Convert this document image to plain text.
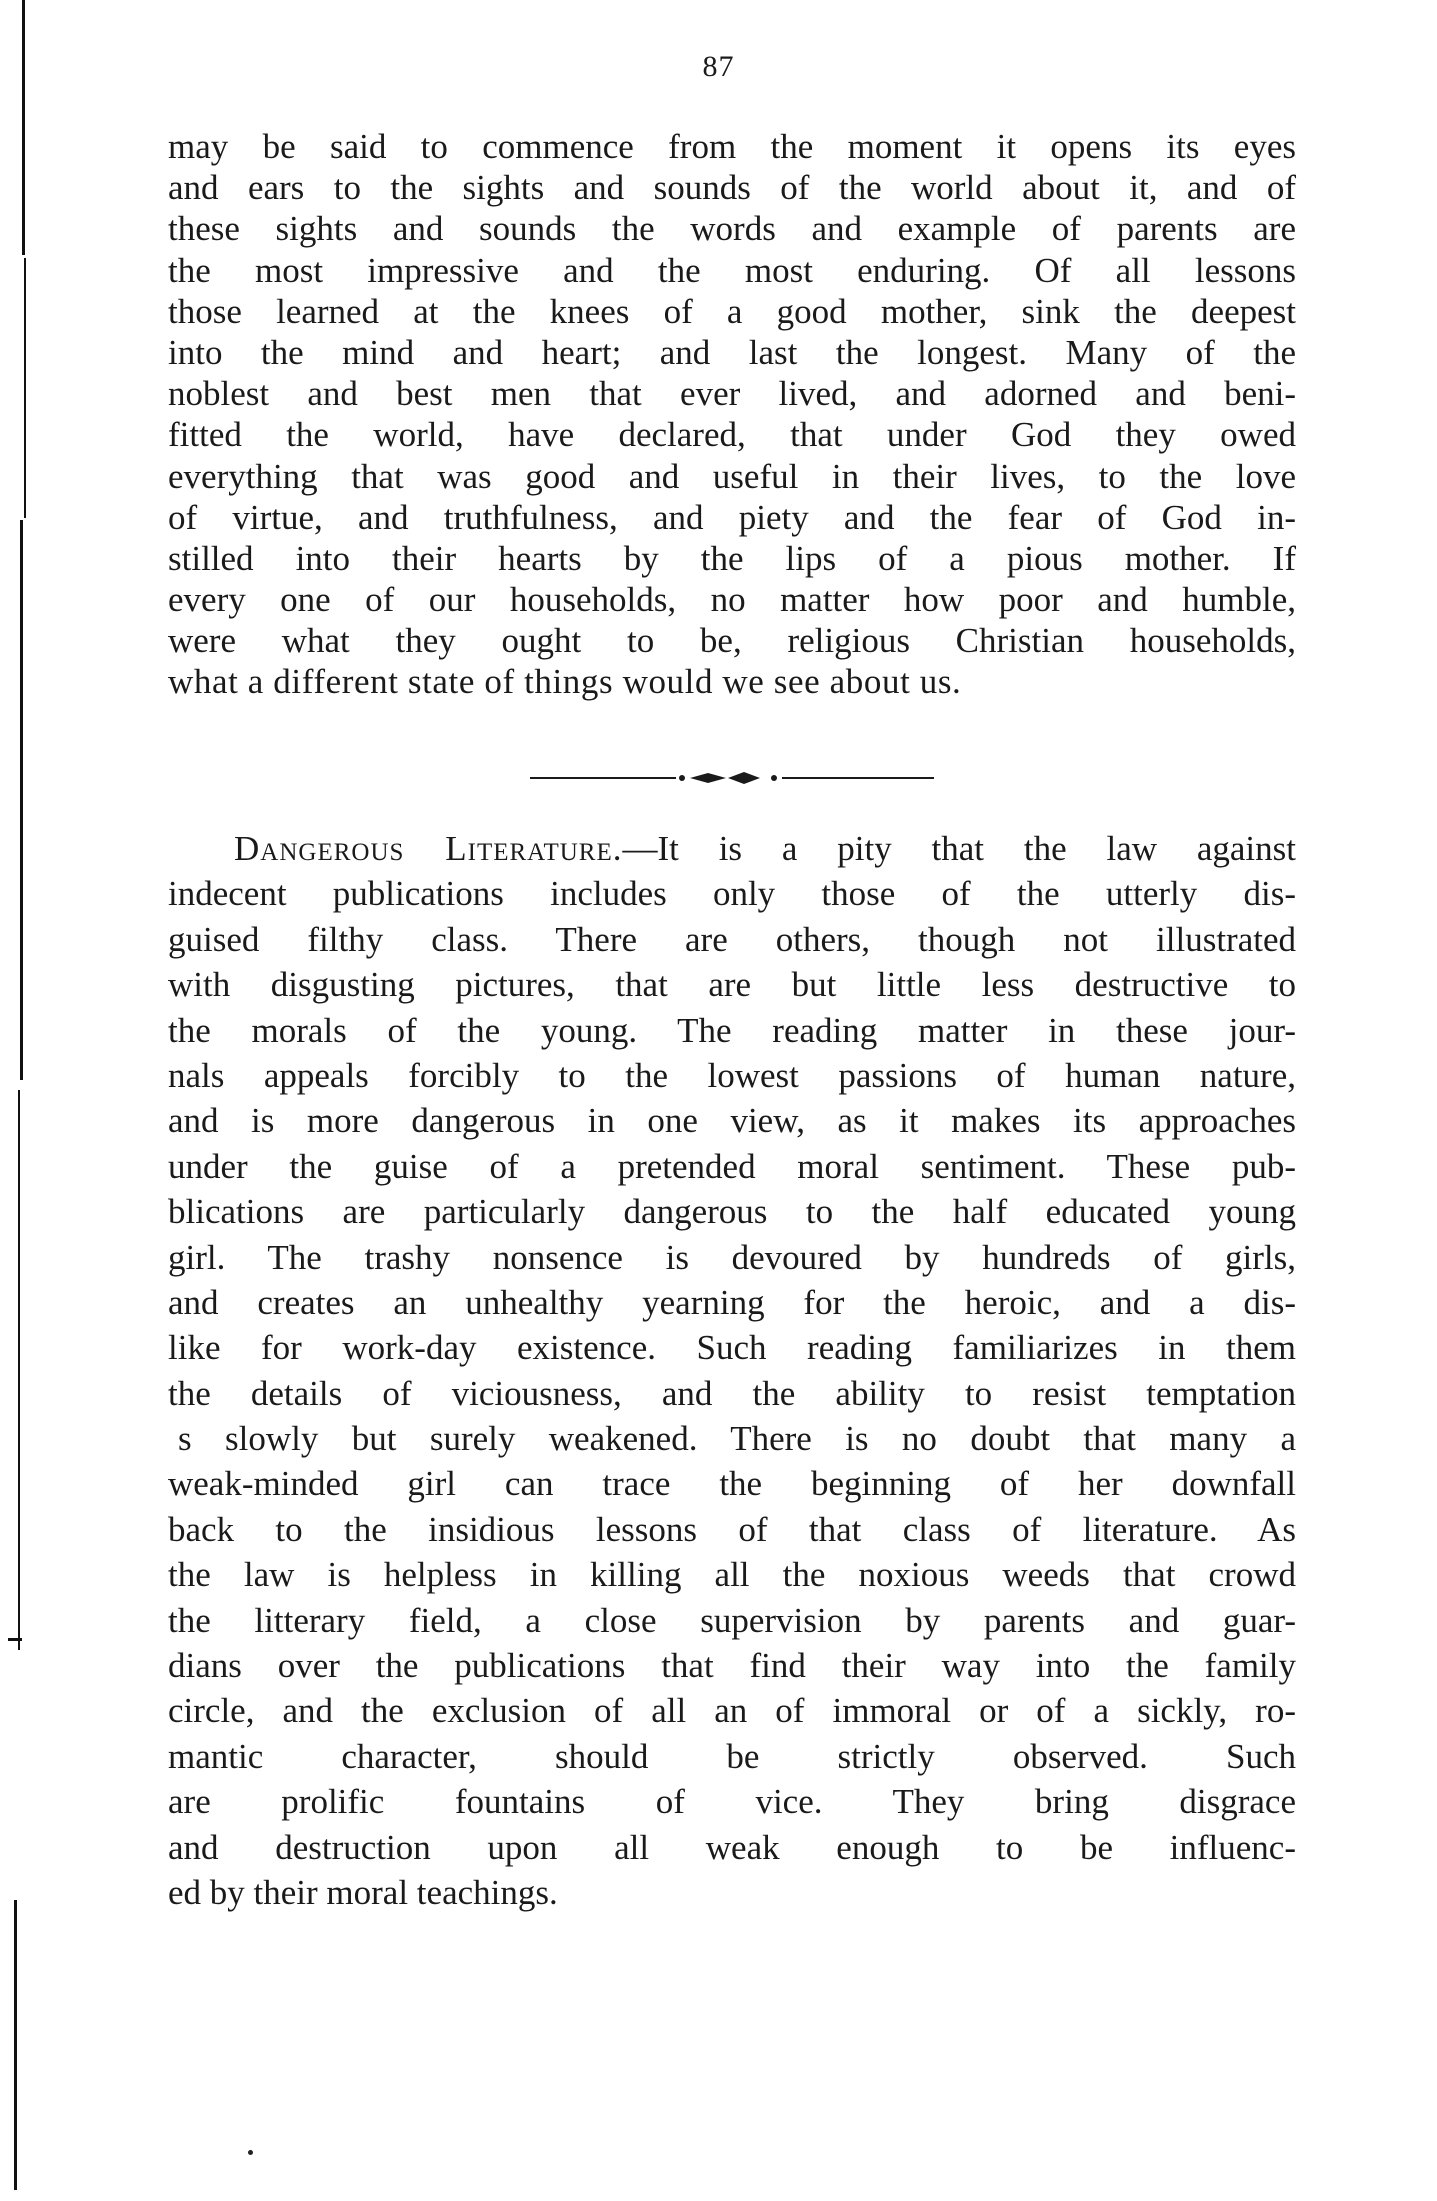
87
may be said to commence from the moment it opens its eyes
and ears to the sights and sounds of the world about it, and of
these sights and sounds the words and example of parents are
the most impressive and the most enduring. Of all lessons
those learned at the knees of a good mother, sink the deepest
into the mind and heart; and last the longest. Many of the
noblest and best men that ever lived, and adorned and beni-
fitted the world, have declared, that under God they owed
everything that was good and useful in their lives, to the love
of virtue, and truthfulness, and piety and the fear of God in-
stilled into their hearts by the lips of a pious mother. If
every one of our households, no matter how poor and humble,
were what they ought to be, religious Christian households,
what a different state of things would we see about us.
Dangerous Literature.—It is a pity that the law against
indecent publications includes only those of the utterly dis-
guised filthy class. There are others, though not illustrated
with disgusting pictures, that are but little less destructive to
the morals of the young. The reading matter in these jour-
nals appeals forcibly to the lowest passions of human nature,
and is more dangerous in one view, as it makes its approaches
under the guise of a pretended moral sentiment. These pub-
blications are particularly dangerous to the half educated young
girl. The trashy nonsence is devoured by hundreds of girls,
and creates an unhealthy yearning for the heroic, and a dis-
like for work-day existence. Such reading familiarizes in them
the details of viciousness, and the ability to resist temptation
s slowly but surely weakened. There is no doubt that many a
weak-minded girl can trace the beginning of her downfall
back to the insidious lessons of that class of literature. As
the law is helpless in killing all the noxious weeds that crowd
the litterary field, a close supervision by parents and guar-
dians over the publications that find their way into the family
circle, and the exclusion of all an of immoral or of a sickly, ro-
mantic character, should be strictly observed. Such
are prolific fountains of vice. They bring disgrace
and destruction upon all weak enough to be influenc-
ed by their moral teachings.
